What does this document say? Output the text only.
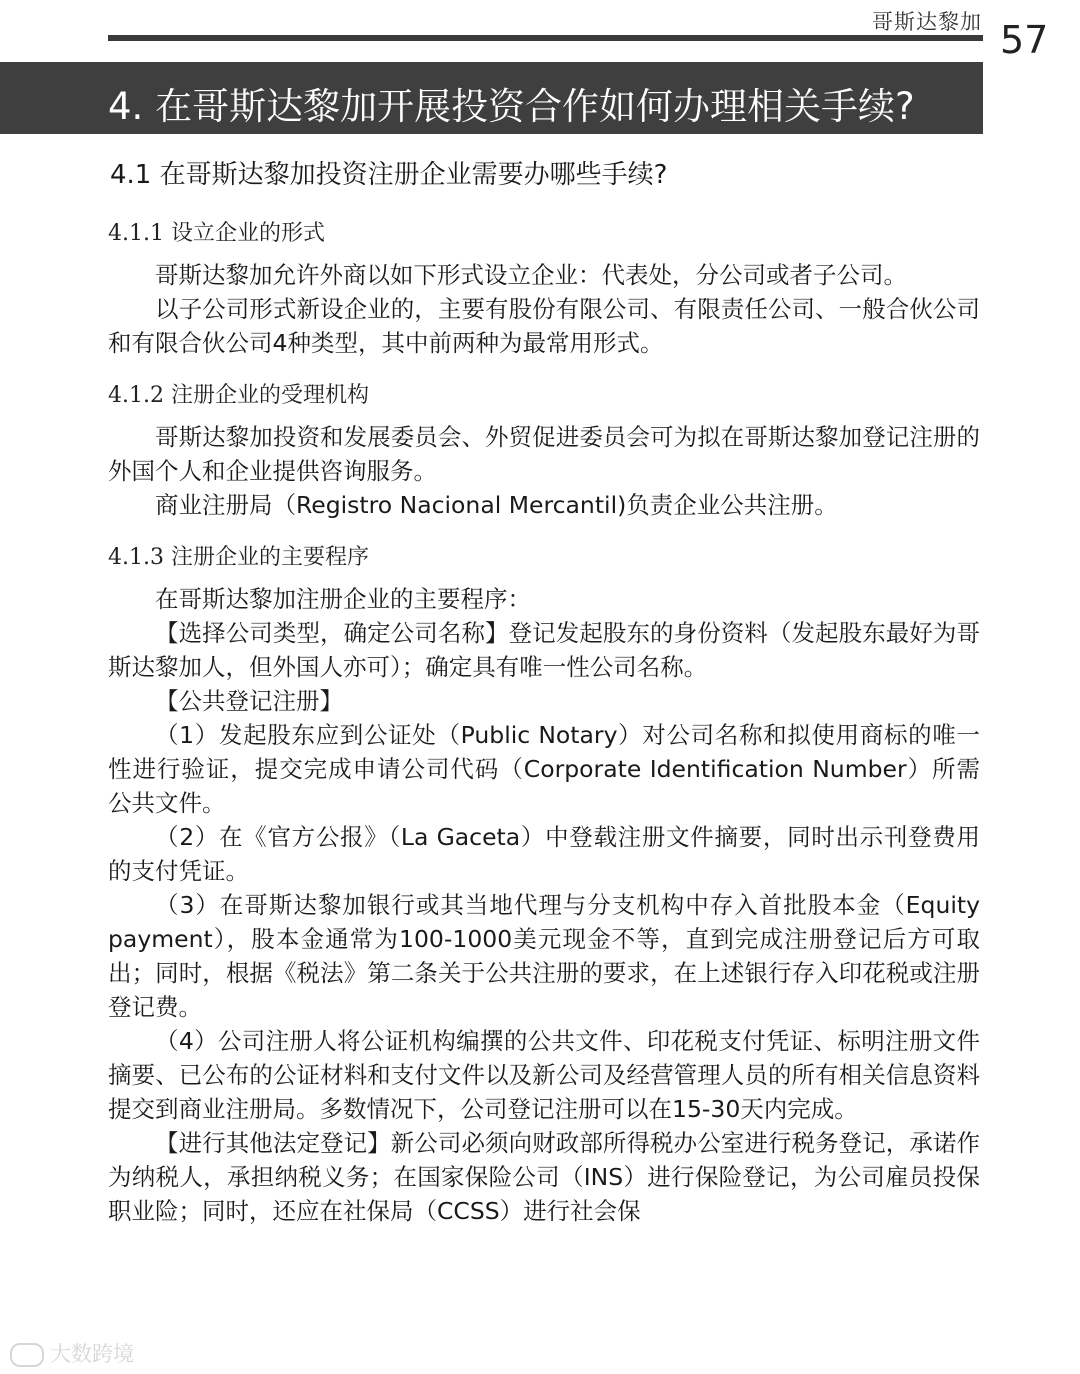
哥斯达黎加 57
4. 在哥斯达黎加开展投资合作如何办理相关手续?
4.1 在哥斯达黎加投资注册企业需要办哪些手续?
4.1.1 设立企业的形式

哥斯达黎加允许外商以如下形式设立企业：代表处，分公司或者子公司。

以子公司形式新设企业的，主要有股份有限公司、有限责任公司、一般合伙公司和有限合伙公司4种类型，其中前两种为最常用形式。

4.1.2 注册企业的受理机构

哥斯达黎加投资和发展委员会、外贸促进委员会可为拟在哥斯达黎加登记注册的外国个人和企业提供咨询服务。

商业注册局（Registro Nacional Mercantil)负责企业公共注册。

4.1.3 注册企业的主要程序

在哥斯达黎加注册企业的主要程序：

【选择公司类型，确定公司名称】登记发起股东的身份资料（发起股东最好为哥斯达黎加人，但外国人亦可）；确定具有唯一性公司名称。

【公共登记注册】

（1）发起股东应到公证处（Public Notary）对公司名称和拟使用商标的唯一性进行验证，提交完成申请公司代码（Corporate Identification Number）所需公共文件。

（2）在《官方公报》（La Gaceta）中登载注册文件摘要，同时出示刊登费用的支付凭证。

（3）在哥斯达黎加银行或其当地代理与分支机构中存入首批股本金（Equity payment），股本金通常为100-1000美元现金不等，直到完成注册登记后方可取出；同时，根据《税法》第二条关于公共注册的要求，在上述银行存入印花税或注册登记费。

（4）公司注册人将公证机构编撰的公共文件、印花税支付凭证、标明注册文件摘要、已公布的公证材料和支付文件以及新公司及经营管理人员的所有相关信息资料提交到商业注册局。多数情况下，公司登记注册可以在15-30天内完成。

【进行其他法定登记】新公司必须向财政部所得税办公室进行税务登记，承诺作为纳税人，承担纳税义务；在国家保险公司（INS）进行保险登记，为公司雇员投保职业险；同时，还应在社保局（CCSS）进行社会保

大数跨境
